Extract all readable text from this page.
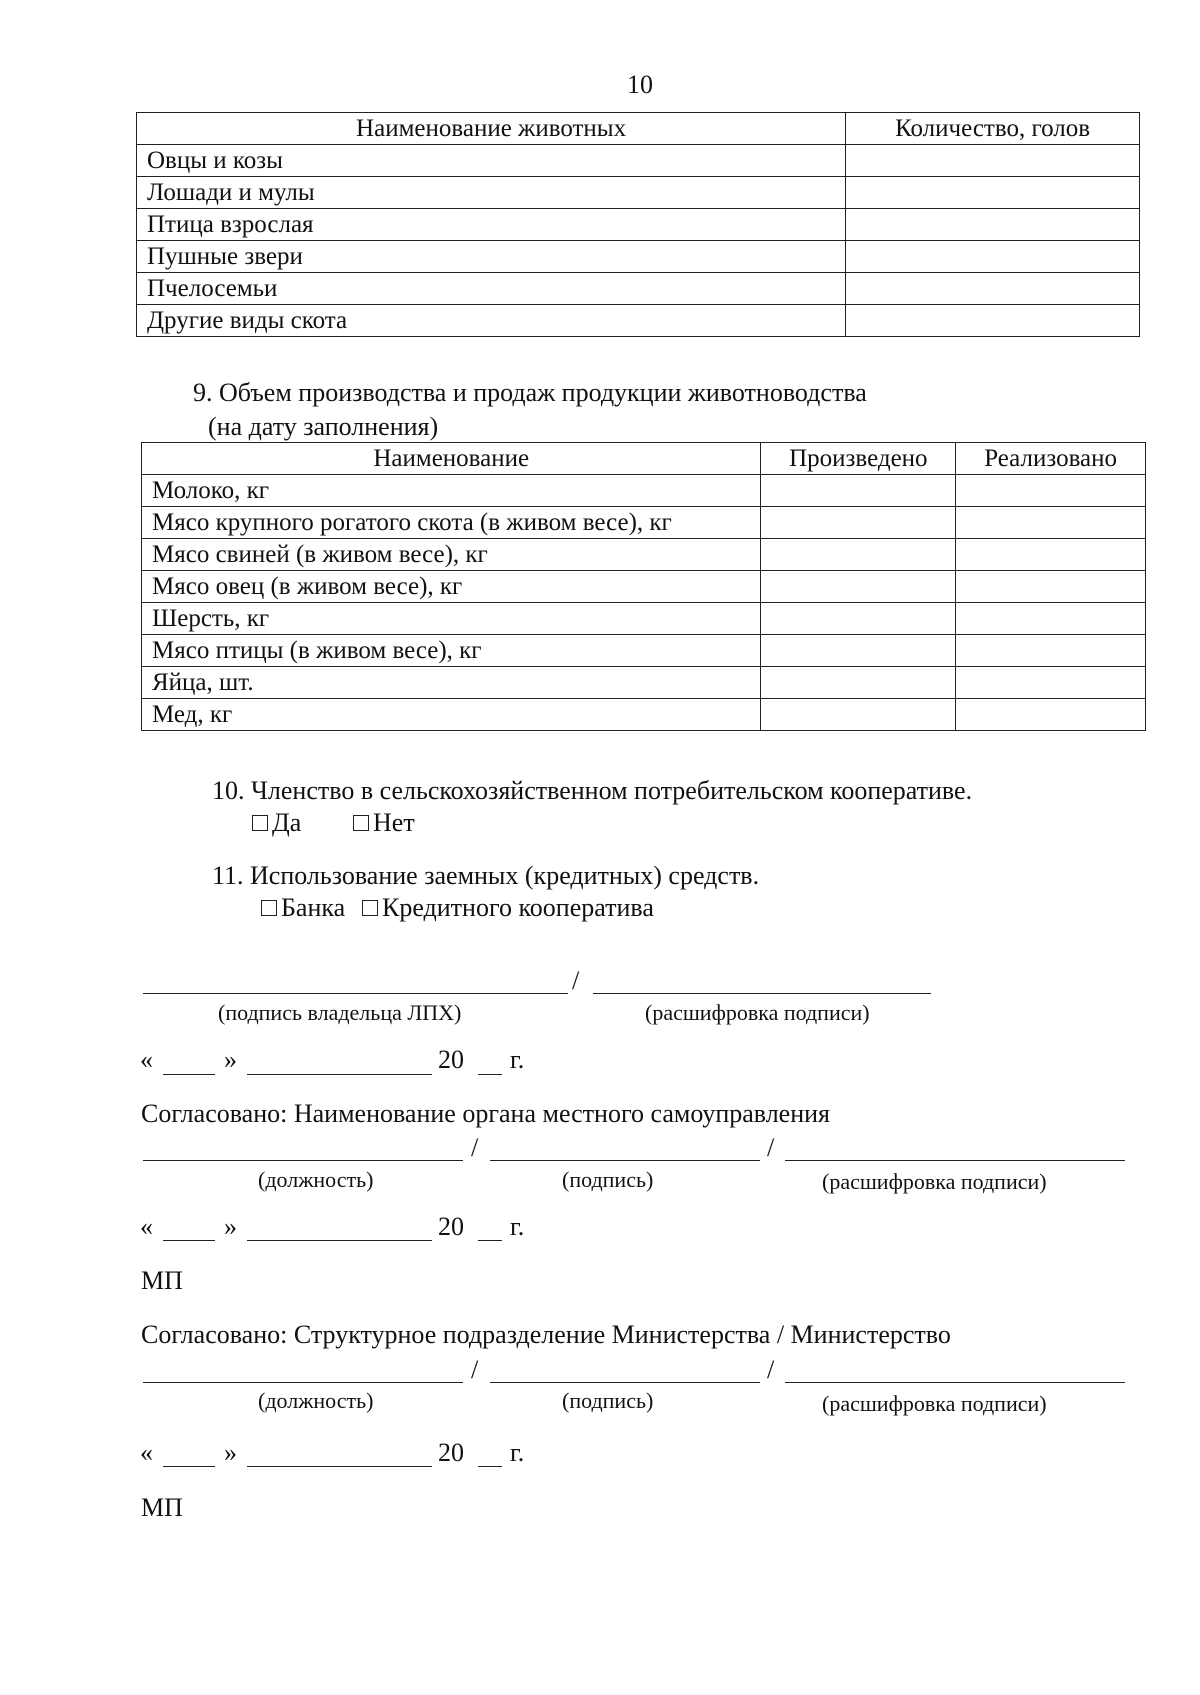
10
Наименование животных	Количество, голов
Овцы и козы	
Лошади и мулы	
Птица взрослая	
Пушные звери	
Пчелосемьи	
Другие виды скота	
9. Объем производства и продаж продукции животноводства
(на дату заполнения)
Наименование	Произведено	Реализовано
Молоко, кг		
Мясо крупного рогатого скота (в живом весе), кг		
Мясо свиней (в живом весе), кг		
Мясо овец (в живом весе), кг		
Шерсть, кг		
Мясо птицы (в живом весе), кг		
Яйца, шт.		
Мед, кг		
10. Членство в сельскохозяйственном потребительском кооперативе.
Да	Нет
11. Использование заемных (кредитных) средств.
Банка	Кредитного кооператива
/
(подпись владельца ЛПХ)	(расшифровка подписи)
«	»	20 г.
Согласовано: Наименование органа местного самоуправления
/	/
(должность)	(подпись)	(расшифровка подписи)
«	»	20 г.
МП
Согласовано: Структурное подразделение Министерства / Министерство
/	/
(должность)	(подпись)	(расшифровка подписи)
«	»	20 г.
МП
